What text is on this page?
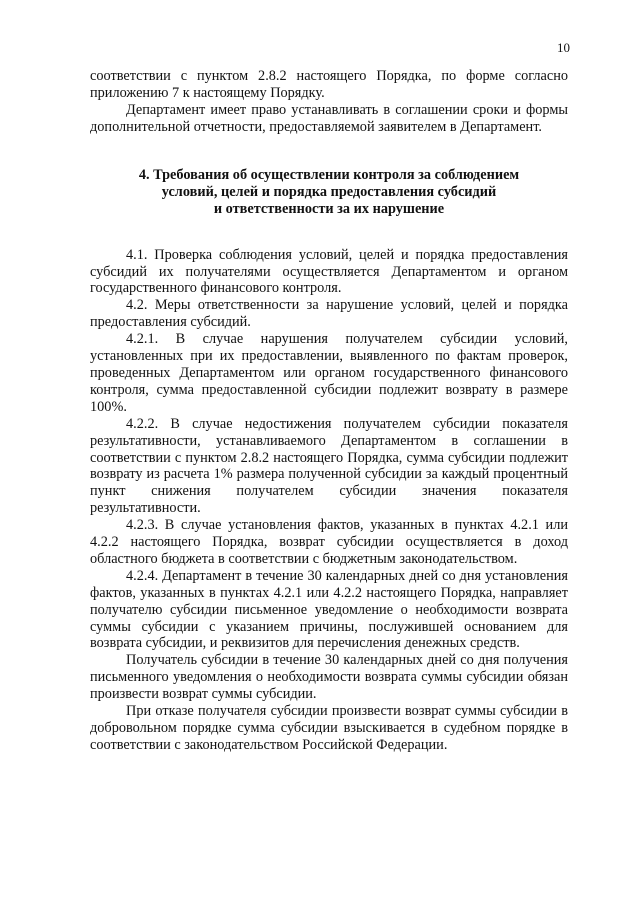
10

соответствии с пунктом 2.8.2 настоящего Порядка, по форме согласно приложению 7 к настоящему Порядку.

Департамент имеет право устанавливать в соглашении сроки и формы дополнительной отчетности, предоставляемой заявителем в Департамент.

4. Требования об осуществлении контроля за соблюдением
условий, целей и порядка предоставления субсидий
и ответственности за их нарушение

4.1. Проверка соблюдения условий, целей и порядка предоставления субсидий их получателями осуществляется Департаментом и органом государственного финансового контроля.

4.2. Меры ответственности за нарушение условий, целей и порядка предоставления субсидий.

4.2.1. В случае нарушения получателем субсидии условий, установленных при их предоставлении, выявленного по фактам проверок, проведенных Департаментом или органом государственного финансового контроля, сумма предоставленной субсидии подлежит возврату в размере 100%.

4.2.2. В случае недостижения получателем субсидии показателя результативности, устанавливаемого Департаментом в соглашении в соответствии с пунктом 2.8.2 настоящего Порядка, сумма субсидии подлежит возврату из расчета 1% размера полученной субсидии за каждый процентный пункт снижения получателем субсидии значения показателя результативности.

4.2.3. В случае установления фактов, указанных в пунктах 4.2.1 или 4.2.2 настоящего Порядка, возврат субсидии осуществляется в доход областного бюджета в соответствии с бюджетным законодательством.

4.2.4. Департамент в течение 30 календарных дней со дня установления фактов, указанных в пунктах 4.2.1 или 4.2.2 настоящего Порядка, направляет получателю субсидии письменное уведомление о необходимости возврата суммы субсидии с указанием причины, послужившей основанием для возврата субсидии, и реквизитов для перечисления денежных средств.

Получатель субсидии в течение 30 календарных дней со дня получения письменного уведомления о необходимости возврата суммы субсидии обязан произвести возврат суммы субсидии.

При отказе получателя субсидии произвести возврат суммы субсидии в добровольном порядке сумма субсидии взыскивается в судебном порядке в соответствии с законодательством Российской Федерации.
